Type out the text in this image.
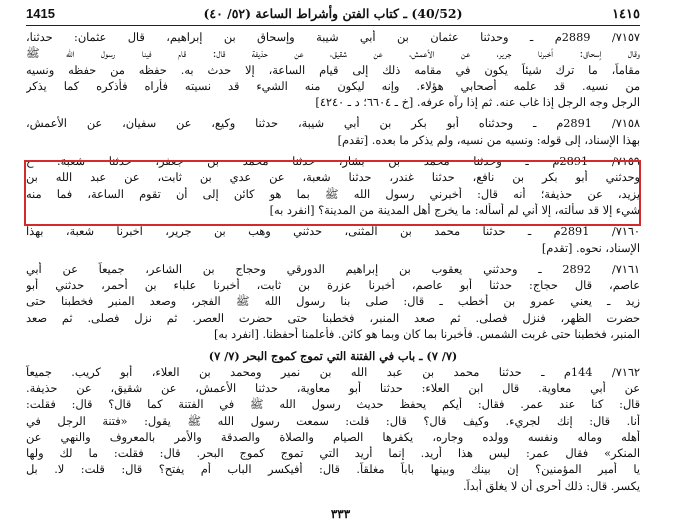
1415	(40/52) ـ كتاب الفتن وأشراط الساعة (٥٢/ ٤٠)	١٤١٥
٧١٥٧/ 2889م ـ وحدثنا عثمان بن أبي شيبة وإسحاق بن إبراهيم، قال عثمان: حدثنا،
وقال إسحاق: أخبرنا جرير، عن الأعمش، عن شقيق، عن حذيفة قال: قام فينا رسول الله ﷺ
مقاماً، ما ترك شيئاً يكون في مقامه ذلك إلى قيام الساعة، إلا حدث به. حفظه من حفظه ونسيه
من نسيه. قد علمه أصحابي هؤلاء. وإنه ليكون منه الشيء قد نسيته فأراه فأذكره كما يذكر
الرجل وجه الرجل إذا غاب عنه. ثم إذا رآه عرفه. [خ ـ ٦٦٠٤؛ د ـ ٤٢٤٠]
٧١٥٨/ 2891م ـ وحدثناه أبو بكر بن أبي شيبة، حدثنا وكيع، عن سفيان، عن الأعمش،
بهذا الإسناد، إلى قوله: ونسيه من نسيه، ولم يذكر ما بعده. [تقدم]
٧١٥٩/ 2891م ـ وحدثنا محمد بن بشار، حدثنا محمد بن جعفر، حدثنا شعبة. ح
وحدثني أبو بكر بن نافع، حدثنا غندر، حدثنا شعبة، عن عدي بن ثابت، عن عبد الله بن
يزيد، عن حذيفة؛ أنه قال: أخبرني رسول الله ﷺ بما هو كائن إلى أن تقوم الساعة، فما منه
شيء إلا قد سألته، إلا أني لم أسأله: ما يخرج أهل المدينة من المدينة؟ [انفرد به]
٧١٦٠/ 2891م ـ حدثنا محمد بن المثنى، حدثني وهب بن جرير، أخبرنا شعبة، بهذا
الإسناد، نحوه. [تقدم]
٧١٦١/ 2892 ـ وحدثني يعقوب بن إبراهيم الدورقي وحجاج بن الشاعر، جميعاً عن أبي
عاصم، قال حجاج: حدثنا أبو عاصم، أخبرنا عزرة بن ثابت، أخبرنا علباء بن أحمر، حدثني أبو
زيد ـ يعني عمرو بن أخطب ـ قال: صلى بنا رسول الله ﷺ الفجر، وصعد المنبر فخطبنا حتى
حضرت الظهر، فنزل فصلى. ثم صعد المنبر، فخطبنا حتى حضرت العصر. ثم نزل فصلى. ثم صعد
المنبر، فخطبنا حتى غربت الشمس. فأخبرنا بما كان وبما هو كائن. فأعلمنا أحفظنا. [انفرد به]
(٧/ ٧) ـ باب في الفتنة التي تموج كموج البحر (٧/ ٧)
٧١٦٢/ 144م ـ حدثنا محمد بن عبد الله بن نمير ومحمد بن العلاء، أبو كريب. جميعاً
عن أبي معاوية. قال ابن العلاء: حدثنا أبو معاوية، حدثنا الأعمش، عن شقيق، عن حذيفة.
قال: كنا عند عمر. فقال: أيكم يحفظ حديث رسول الله ﷺ في الفتنة كما قال؟ قال: فقلت:
أنا. قال: إنك لجريء. وكيف قال؟ قال: قلت: سمعت رسول الله ﷺ يقول: «فتنة الرجل في
أهله وماله ونفسه وولده وجاره، يكفرها الصيام والصلاة والصدقة والأمر بالمعروف والنهي عن
المنكر» فقال عمر: ليس هذا أريد. إنما أريد التي تموج كموج البحر. قال: فقلت: ما لك ولها
يا أمير المؤمنين؟ إن بينك وبينها باباً مغلقاً. قال: أفيكسر الباب أم يفتح؟ قال: قلت: لا. بل
يكسر. قال: ذلك أحرى أن لا يغلق أبداً.
٣٣٣
